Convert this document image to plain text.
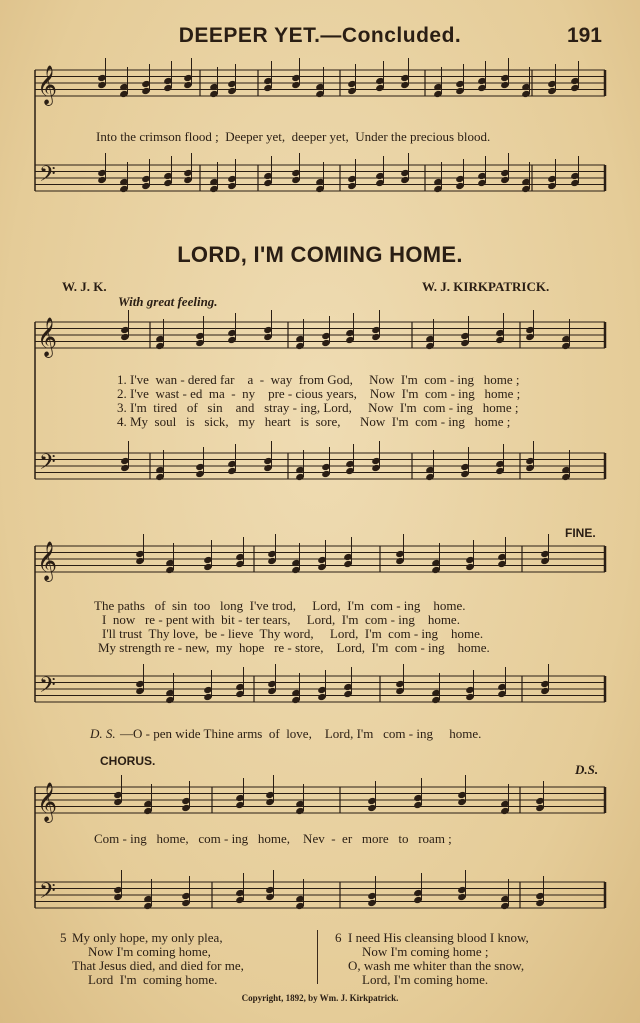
DEEPER YET.—Concluded.	191
𝄞
𝄢
𝄞
𝄢
𝄞
𝄢
𝄞
𝄢
Into the crimson flood ;  Deeper yet,  deeper yet,  Under the precious blood.
LORD, I'M COMING HOME.
W. J. K.	W. J. KIRKPATRICK.
With great feeling.
1. I've  wan - dered far    a  -  way  from God,     Now  I'm  com - ing   home ;
2. I've  wast - ed  ma  -  ny    pre - cious years,    Now  I'm  com - ing   home ;
3. I'm  tired   of   sin    and   stray - ing, Lord,     Now  I'm  com - ing   home ;
4. My  soul   is   sick,   my   heart   is  sore,      Now  I'm  com - ing   home ;
FINE.
The paths   of  sin  too   long  I've trod,     Lord,  I'm  com - ing    home.
I  now   re - pent with  bit - ter tears,     Lord,  I'm  com - ing    home.
I'll trust  Thy love,  be - lieve  Thy word,     Lord,  I'm  com - ing    home.
My strength re - new,  my  hope   re - store,    Lord,  I'm  com - ing    home.
D. S. —O - pen wide Thine arms  of  love,    Lord, I'm   com - ing     home.
CHORUS.
D.S.
Com - ing   home,   com - ing   home,    Nev  -  er   more   to   roam ;
5 My only hope, my only plea,
Now I'm coming home,
That Jesus died, and died for me,
Lord  I'm  coming home.
6 I need His cleansing blood I know,
Now I'm coming home ;
O, wash me whiter than the snow,
Lord, I'm coming home.
Copyright, 1892, by Wm. J. Kirkpatrick.
